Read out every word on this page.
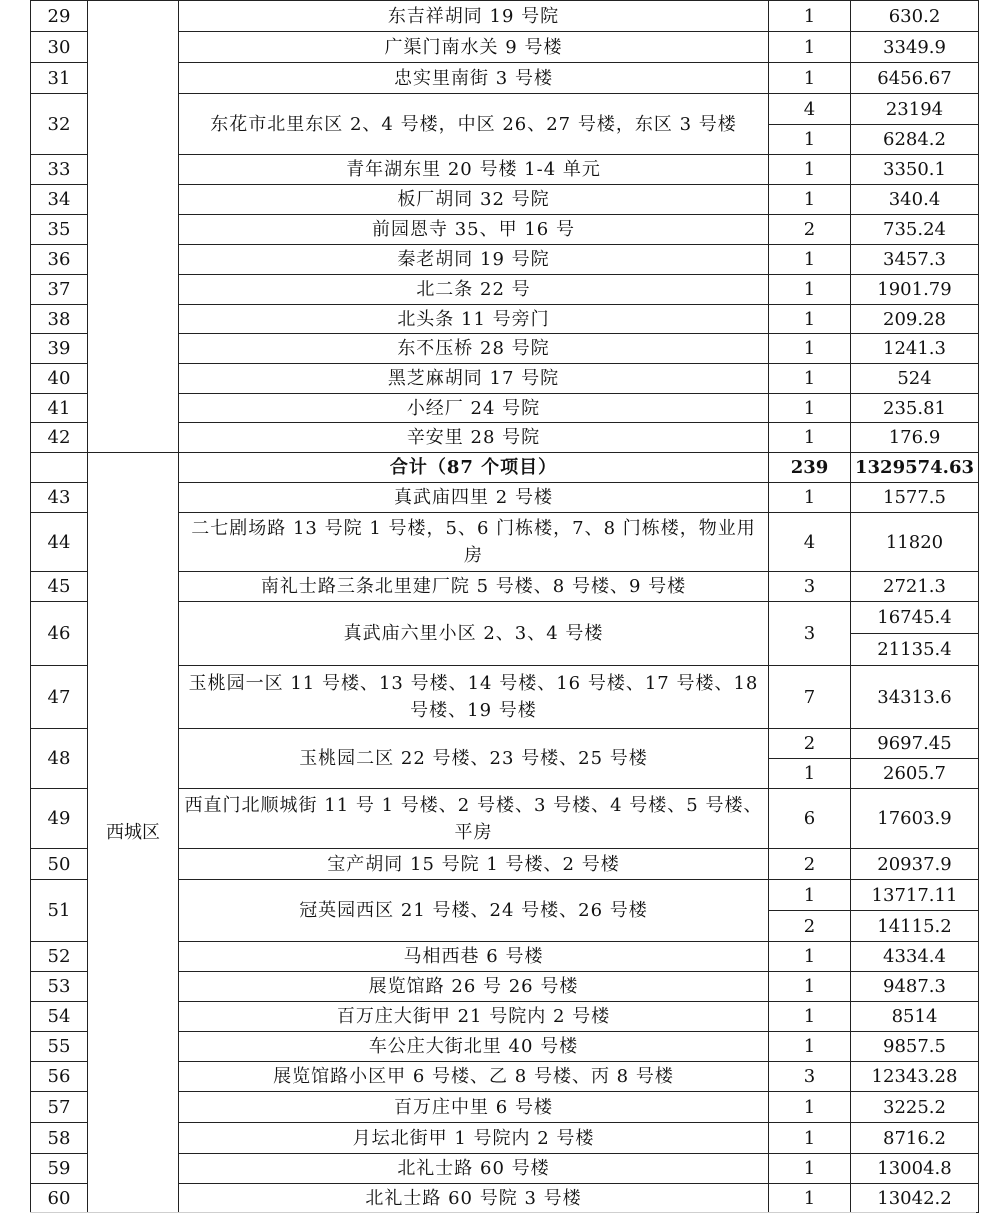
29		东吉祥胡同 19 号院	1	630.2
30		广渠门南水关 9 号楼	1	3349.9
31		忠实里南街 3 号楼	1	6456.67
32		东花市北里东区 2、4 号楼，中区 26、27 号楼，东区 3 号楼	4	23194
			1	6284.2
33		青年湖东里 20 号楼 1-4 单元	1	3350.1
34		板厂胡同 32 号院	1	340.4
35		前园恩寺 35、甲 16 号	2	735.24
36		秦老胡同 19 号院	1	3457.3
37		北二条 22 号	1	1901.79
38		北头条 11 号旁门	1	209.28
39		东不压桥 28 号院	1	1241.3
40		黑芝麻胡同 17 号院	1	524
41		小经厂 24 号院	1	235.81
42		辛安里 28 号院	1	176.9
	西城区	合计（87 个项目）	239	1329574.63
43		真武庙四里 2 号楼	1	1577.5
44		二七剧场路 13 号院 1 号楼，5、6 门栋楼，7、8 门栋楼，物业用房	4	11820
45		南礼士路三条北里建厂院 5 号楼、8 号楼、9 号楼	3	2721.3
46		真武庙六里小区 2、3、4 号楼	3	16745.4
				21135.4
47		玉桃园一区 11 号楼、13 号楼、14 号楼、16 号楼、17 号楼、18 号楼、19 号楼	7	34313.6
48		玉桃园二区 22 号楼、23 号楼、25 号楼	2	9697.45
			1	2605.7
49		西直门北顺城街 11 号 1 号楼、2 号楼、3 号楼、4 号楼、5 号楼、平房	6	17603.9
50		宝产胡同 15 号院 1 号楼、2 号楼	2	20937.9
51		冠英园西区 21 号楼、24 号楼、26 号楼	1	13717.11
			2	14115.2
52		马相西巷 6 号楼	1	4334.4
53		展览馆路 26 号 26 号楼	1	9487.3
54		百万庄大街甲 21 号院内 2 号楼	1	8514
55		车公庄大街北里 40 号楼	1	9857.5
56		展览馆路小区甲 6 号楼、乙 8 号楼、丙 8 号楼	3	12343.28
57		百万庄中里 6 号楼	1	3225.2
58		月坛北街甲 1 号院内 2 号楼	1	8716.2
59		北礼士路 60 号楼	1	13004.8
60		北礼士路 60 号院 3 号楼	1	13042.2
